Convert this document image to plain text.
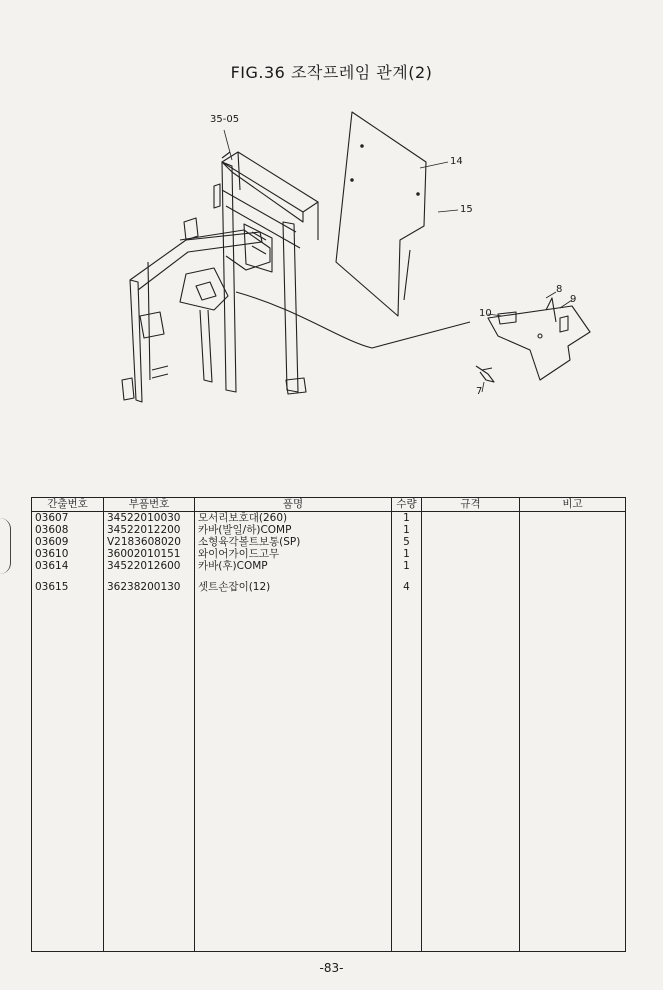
FIG.36 조작프레임 관계(2)
35-05
14
15
8
9
10
7
간출번호	부품번호	품명	수량	규격	비고
03607	34522010030	모서리보호대(260)	1		
03608	34522012200	카바(발일/하)COMP	1		
03609	V2183608020	소형육각볼트보통(SP)	5		
03610	36002010151	와이어가이드고무	1		
03614	34522012600	카바(후)COMP	1		

03615	36238200130	셋트손잡이(12)	4		

-83-
